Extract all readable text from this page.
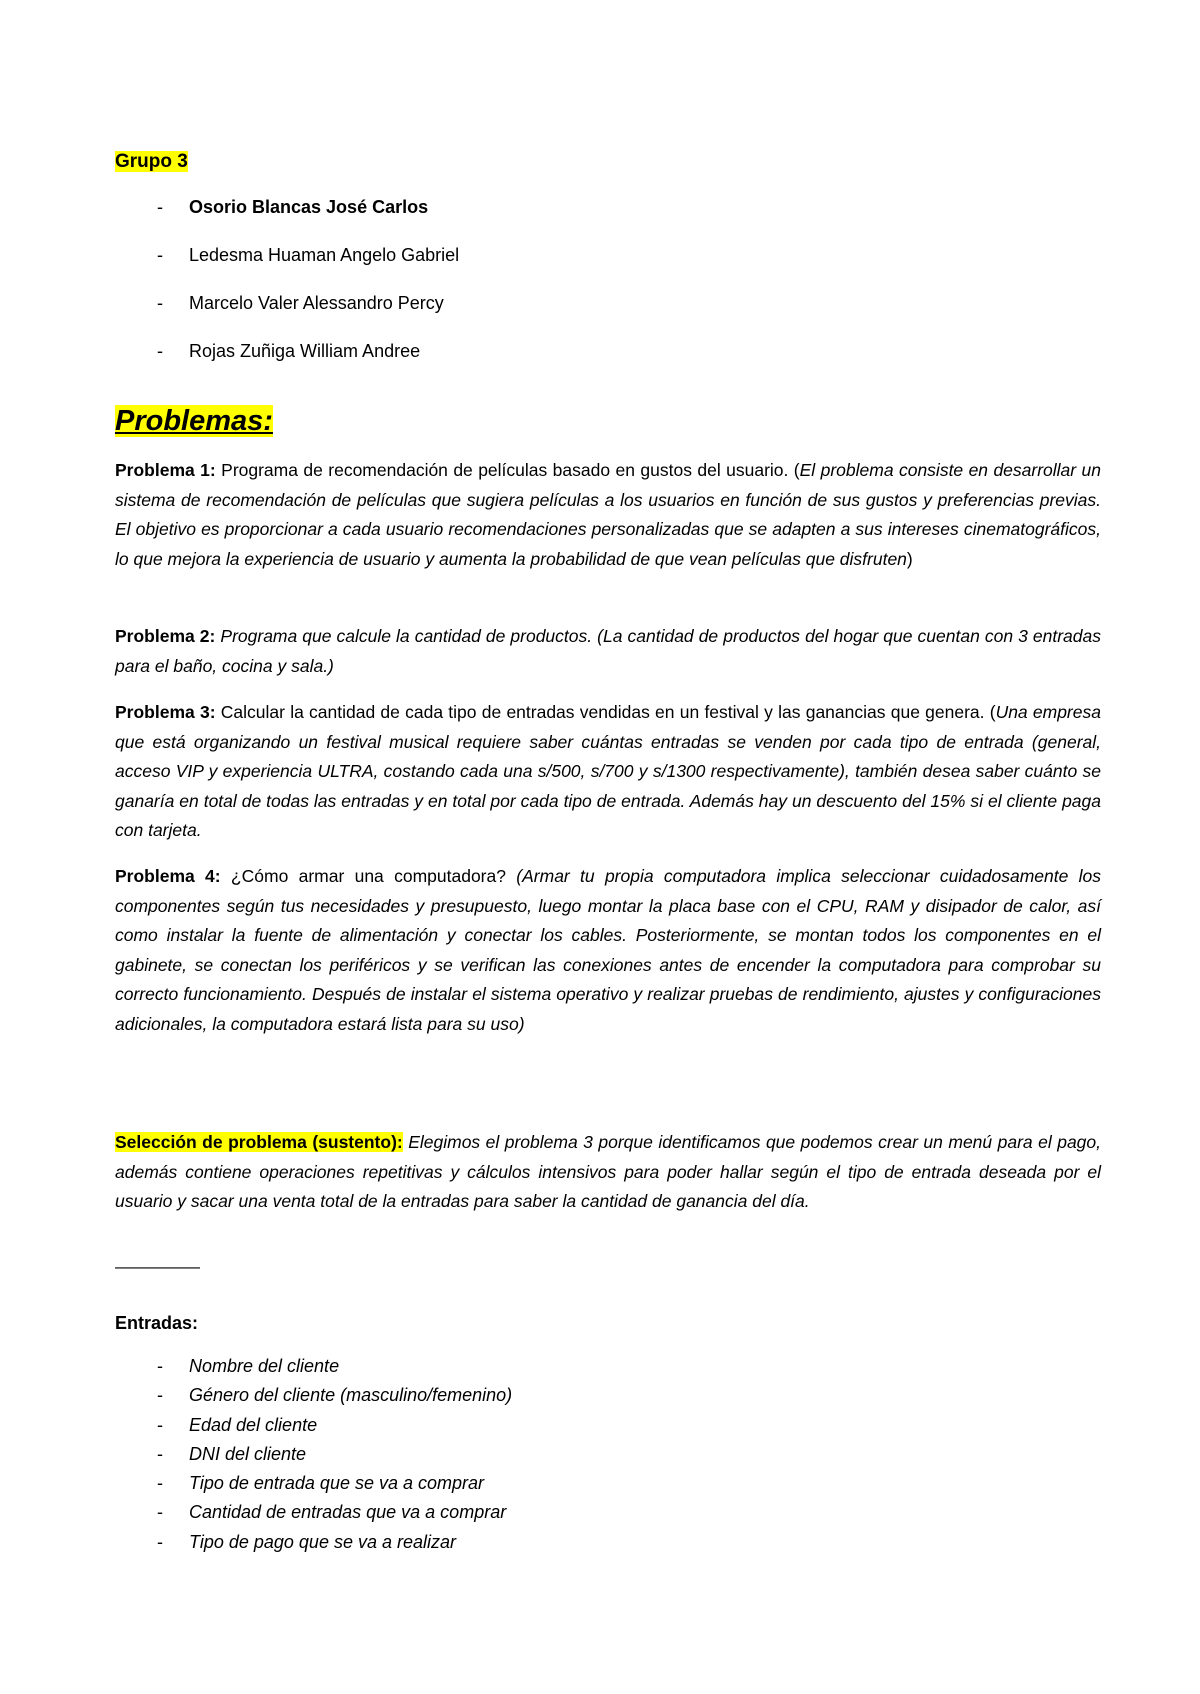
Grupo 3
- Osorio Blancas José Carlos
- Ledesma Huaman Angelo Gabriel
- Marcelo Valer Alessandro Percy
- Rojas Zuñiga William Andree
Problemas:

Problema 1: Programa de recomendación de películas basado en gustos del usuario. (El problema consiste en desarrollar un sistema de recomendación de películas que sugiera películas a los usuarios en función de sus gustos y preferencias previas. El objetivo es proporcionar a cada usuario recomendaciones personalizadas que se adapten a sus intereses cinematográficos, lo que mejora la experiencia de usuario y aumenta la probabilidad de que vean películas que disfruten)

Problema 2: Programa que calcule la cantidad de productos. (La cantidad de productos del hogar que cuentan con 3 entradas para el baño, cocina y sala.)

Problema 3: Calcular la cantidad de cada tipo de entradas vendidas en un festival y las ganancias que genera. (Una empresa que está organizando un festival musical requiere saber cuántas entradas se venden por cada tipo de entrada (general, acceso VIP y experiencia ULTRA, costando cada una s/500, s/700 y s/1300 respectivamente), también desea saber cuánto se ganaría en total de todas las entradas y en total por cada tipo de entrada. Además hay un descuento del 15% si el cliente paga con tarjeta.

Problema 4: ¿Cómo armar una computadora? (Armar tu propia computadora implica seleccionar cuidadosamente los componentes según tus necesidades y presupuesto, luego montar la placa base con el CPU, RAM y disipador de calor, así como instalar la fuente de alimentación y conectar los cables. Posteriormente, se montan todos los componentes en el gabinete, se conectan los periféricos y se verifican las conexiones antes de encender la computadora para comprobar su correcto funcionamiento. Después de instalar el sistema operativo y realizar pruebas de rendimiento, ajustes y configuraciones adicionales, la computadora estará lista para su uso)

Selección de problema (sustento): Elegimos el problema 3 porque identificamos que podemos crear un menú para el pago, además contiene operaciones repetitivas y cálculos intensivos para poder hallar según el tipo de entrada deseada por el usuario y sacar una venta total de la entradas para saber la cantidad de ganancia del día.

—————
Entradas:
- Nombre del cliente
- Género del cliente (masculino/femenino)
- Edad del cliente
- DNI del cliente
- Tipo de entrada que se va a comprar
- Cantidad de entradas que va a comprar
- Tipo de pago que se va a realizar
